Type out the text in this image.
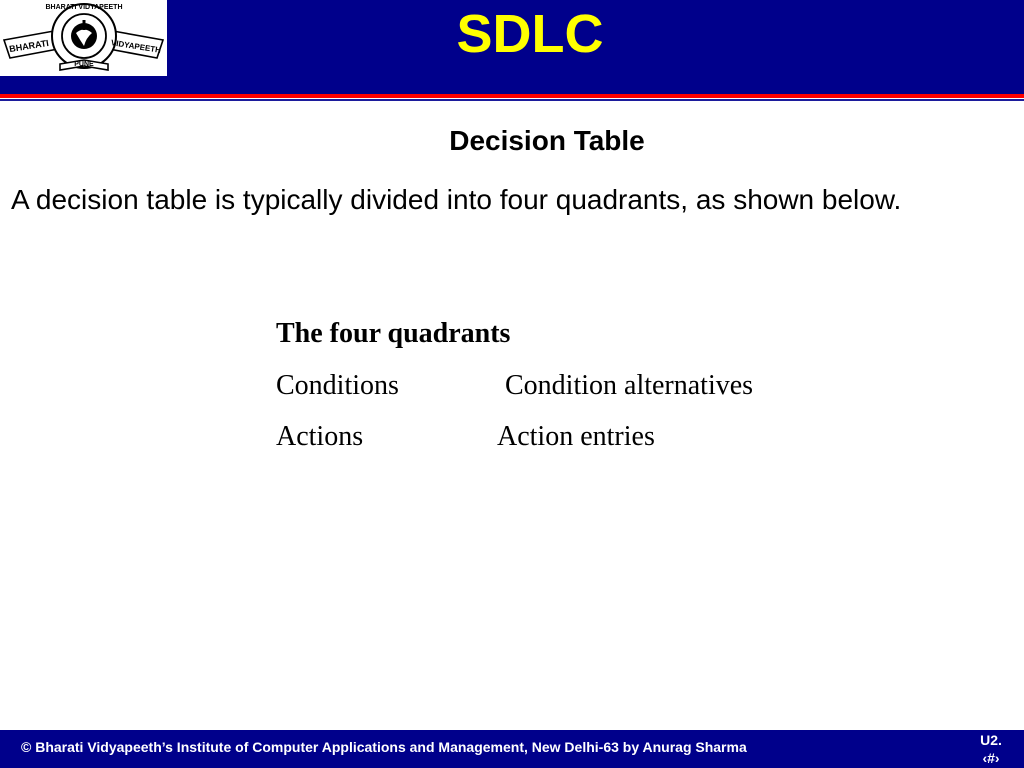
BHARATI	VIDYAPEETH
BHARATI VIDYAPEETH
PUNE
SDLC
Decision Table
A decision table is typically divided into four quadrants, as shown below.
The four quadrants
Conditions	Condition alternatives
Actions	Action entries
© Bharati Vidyapeeth’s Institute of Computer Applications and Management, New Delhi-63 by Anurag Sharma	U2.
‹#›
